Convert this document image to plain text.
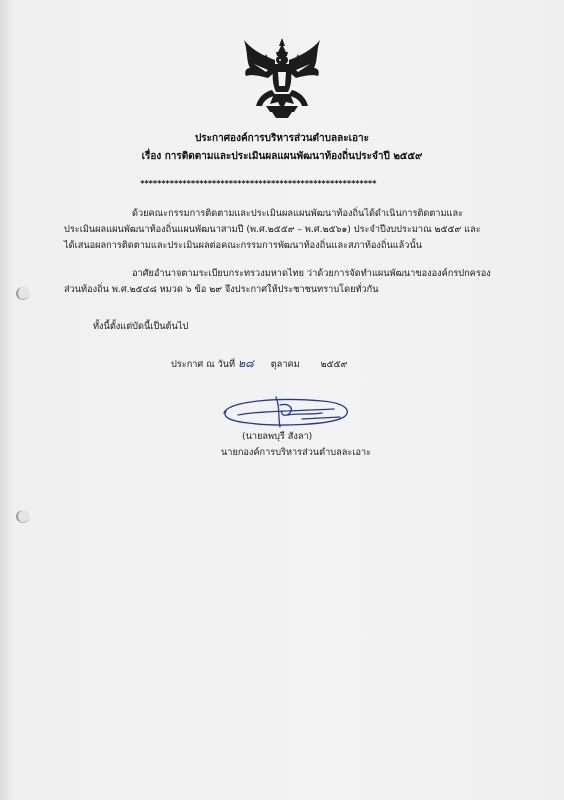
ประกาศองค์การบริหารส่วนตำบลละเอาะ
เรื่อง การติดตามและประเมินผลแผนพัฒนาท้องถิ่นประจำปี ๒๕๕๙
********************************************************
ด้วยคณะกรรมการติดตามและประเมินผลแผนพัฒนาท้องถิ่นได้ดำเนินการติดตามและ
ประเมินผลแผนพัฒนาท้องถิ่นแผนพัฒนาสามปี (พ.ศ.๒๕๕๙ – พ.ศ.๒๕๖๑) ประจำปีงบประมาณ ๒๕๕๙ และ
ได้เสนอผลการติดตามและประเมินผลต่อคณะกรรมการพัฒนาท้องถิ่นและสภาท้องถิ่นแล้วนั้น
อาศัยอำนาจตามระเบียบกระทรวงมหาดไทย ว่าด้วยการจัดทำแผนพัฒนาขององค์กรปกครอง
ส่วนท้องถิ่น พ.ศ.๒๕๔๘ หมวด ๖ ข้อ ๒๙ จึงประกาศให้ประชาชนทราบโดยทั่วกัน
ทั้งนี้ตั้งแต่บัดนี้เป็นต้นไป
ประกาศ ณ วันที่ ๒๘ ตุลาคม ๒๕๕๙
(นายลพบุรี สังลา)
นายกองค์การบริหารส่วนตำบลละเอาะ
